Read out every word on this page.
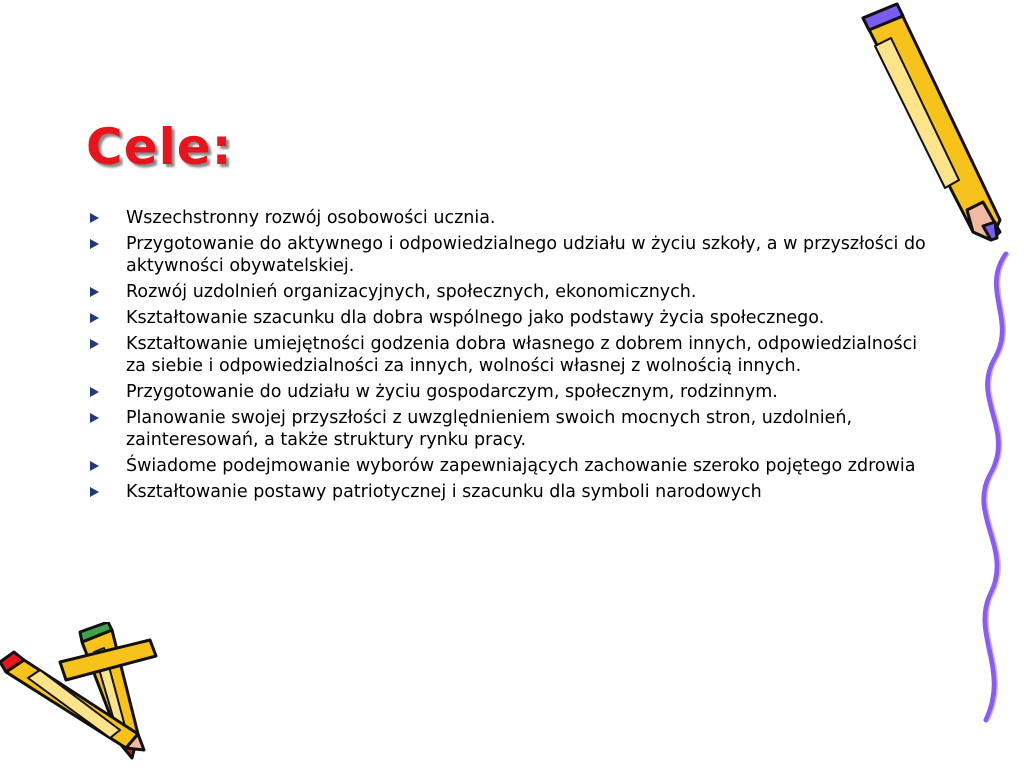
Cele:
Wszechstronny rozwój osobowości ucznia.
Przygotowanie do aktywnego i odpowiedzialnego udziału w życiu szkoły, a w przyszłości do aktywności obywatelskiej.
Rozwój uzdolnień organizacyjnych, społecznych, ekonomicznych.
Kształtowanie szacunku dla dobra wspólnego jako podstawy życia społecznego.
Kształtowanie umiejętności godzenia dobra własnego z dobrem innych, odpowiedzialności za siebie i odpowiedzialności za innych, wolności własnej z wolnością innych.
Przygotowanie do udziału w życiu gospodarczym, społecznym, rodzinnym.
Planowanie swojej przyszłości z uwzględnieniem swoich mocnych stron, uzdolnień, zainteresowań, a także struktury rynku pracy.
Świadome podejmowanie wyborów zapewniających zachowanie szeroko pojętego zdrowia
Kształtowanie postawy patriotycznej i szacunku dla symboli narodowych
